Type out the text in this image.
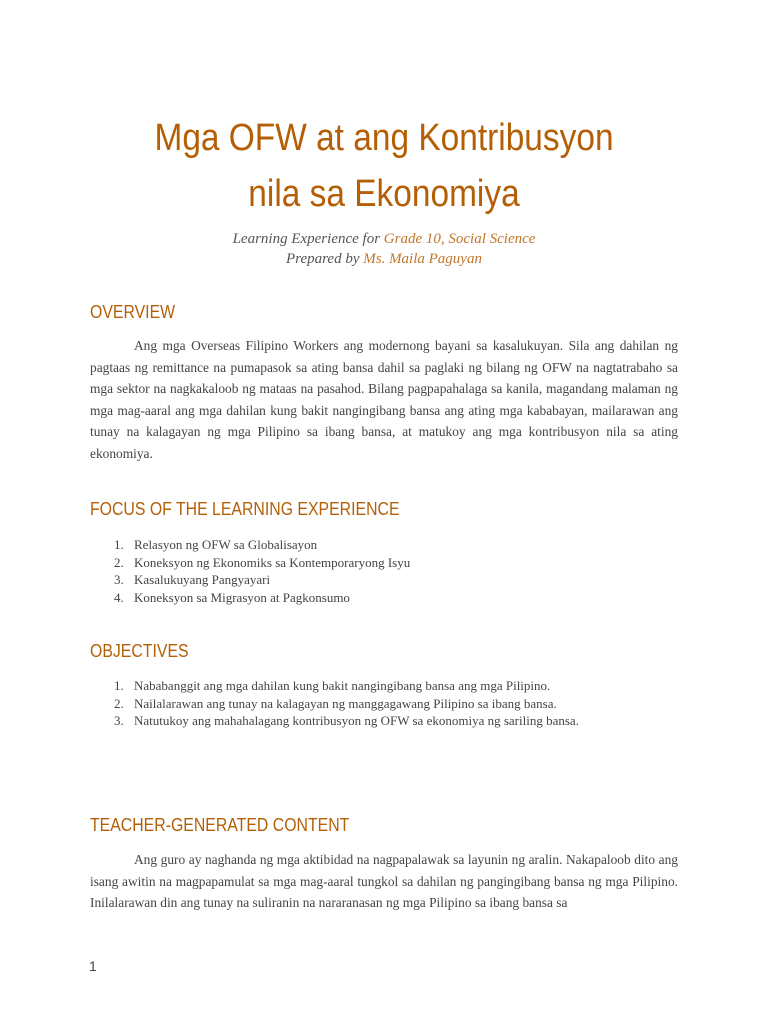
Mga OFW at ang Kontribusyon nila sa Ekonomiya
Learning Experience for Grade 10, Social Science
Prepared by Ms. Maila Paguyan
OVERVIEW

Ang mga Overseas Filipino Workers ang modernong bayani sa kasalukuyan. Sila ang dahilan ng pagtaas ng remittance na pumapasok sa ating bansa dahil sa paglaki ng bilang ng OFW na nagtatrabaho sa mga sektor na nagkakaloob ng mataas na pasahod. Bilang pagpapahalaga sa kanila, magandang malaman ng mga mag-aaral ang mga dahilan kung bakit nangingibang bansa ang ating mga kababayan, mailarawan ang tunay na kalagayan ng mga Pilipino sa ibang bansa, at matukoy ang mga kontribusyon nila sa ating ekonomiya.

FOCUS OF THE LEARNING EXPERIENCE
1. Relasyon ng OFW sa Globalisayon
2. Koneksyon ng Ekonomiks sa Kontemporaryong Isyu
3. Kasalukuyang Pangyayari
4. Koneksyon sa Migrasyon at Pagkonsumo
OBJECTIVES
1. Nababanggit ang mga dahilan kung bakit nangingibang bansa ang mga Pilipino.
2. Nailalarawan ang tunay na kalagayan ng manggagawang Pilipino sa ibang bansa.
3. Natutukoy ang mahahalagang kontribusyon ng OFW sa ekonomiya ng sariling bansa.
TEACHER-GENERATED CONTENT

Ang guro ay naghanda ng mga aktibidad na nagpapalawak sa layunin ng aralin. Nakapaloob dito ang isang awitin na magpapamulat sa mga mag-aaral tungkol sa dahilan ng pangingibang bansa ng mga Pilipino. Inilalarawan din ang tunay na suliranin na nararanasan ng mga Pilipino sa ibang bansa sa

1
